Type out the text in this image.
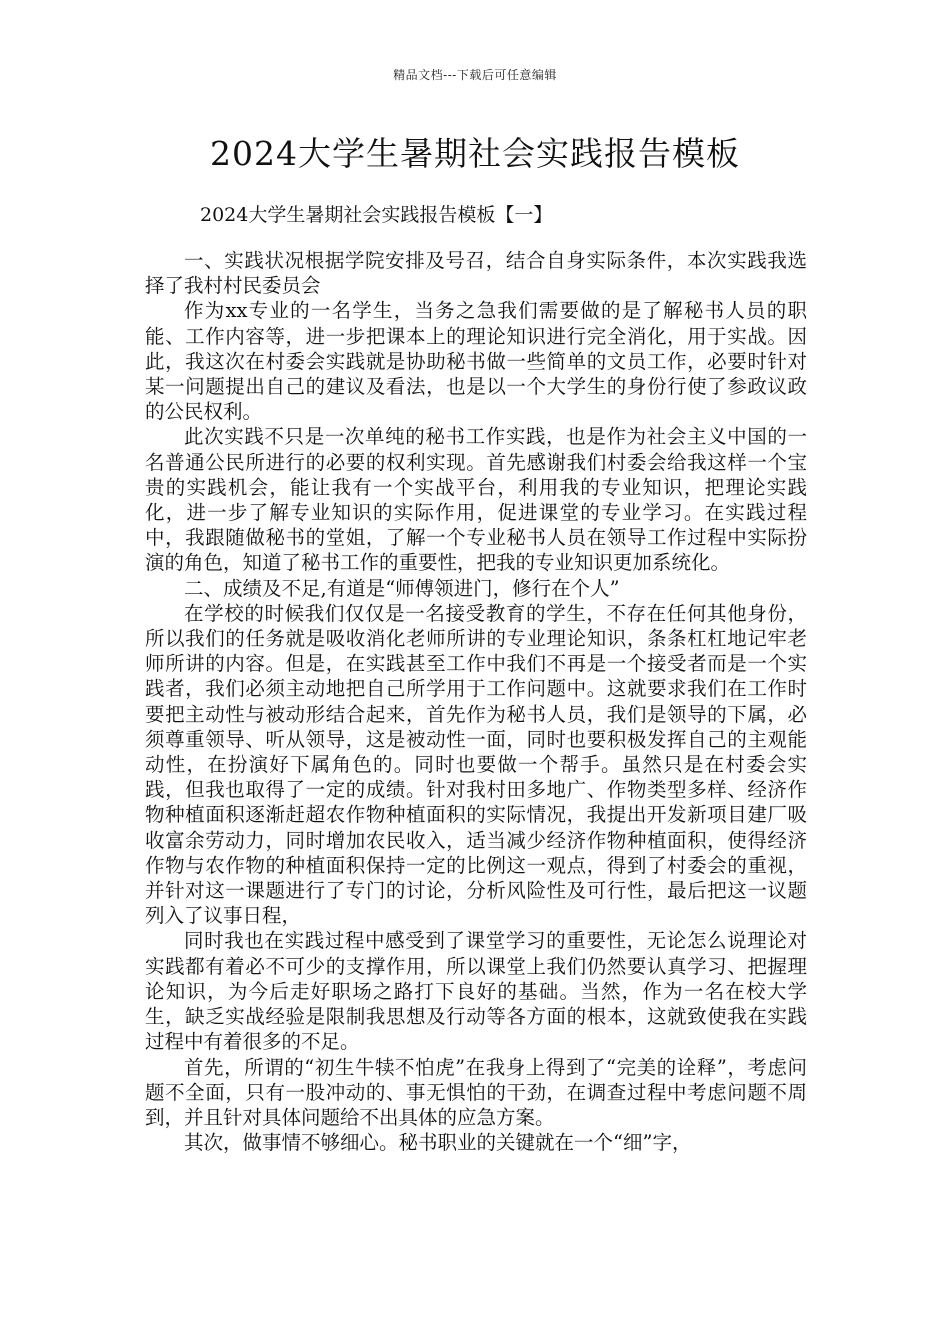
精品文档---下载后可任意编辑
2024大学生暑期社会实践报告模板

2024大学生暑期社会实践报告模板【一】

一、实践状况根据学院安排及号召，结合自身实际条件，本次实践我选择了我村村民委员会

作为xx专业的一名学生，当务之急我们需要做的是了解秘书人员的职能、工作内容等，进一步把课本上的理论知识进行完全消化，用于实战。因此，我这次在村委会实践就是协助秘书做一些简单的文员工作，必要时针对某一问题提出自己的建议及看法，也是以一个大学生的身份行使了参政议政的公民权利。

此次实践不只是一次单纯的秘书工作实践，也是作为社会主义中国的一名普通公民所进行的必要的权利实现。首先感谢我们村委会给我这样一个宝贵的实践机会，能让我有一个实战平台，利用我的专业知识，把理论实践化，进一步了解专业知识的实际作用，促进课堂的专业学习。在实践过程中，我跟随做秘书的堂姐，了解一个专业秘书人员在领导工作过程中实际扮演的角色，知道了秘书工作的重要性，把我的专业知识更加系统化。

二、成绩及不足,有道是“师傅领进门，修行在个人”

在学校的时候我们仅仅是一名接受教育的学生，不存在任何其他身份，所以我们的任务就是吸收消化老师所讲的专业理论知识，条条杠杠地记牢老师所讲的内容。但是，在实践甚至工作中我们不再是一个接受者而是一个实践者，我们必须主动地把自己所学用于工作问题中。这就要求我们在工作时要把主动性与被动形结合起来，首先作为秘书人员，我们是领导的下属，必须尊重领导、听从领导，这是被动性一面，同时也要积极发挥自己的主观能动性，在扮演好下属角色的。同时也要做一个帮手。虽然只是在村委会实践，但我也取得了一定的成绩。针对我村田多地广、作物类型多样、经济作物种植面积逐渐赶超农作物种植面积的实际情况，我提出开发新项目建厂吸收富余劳动力，同时增加农民收入，适当减少经济作物种植面积，使得经济作物与农作物的种植面积保持一定的比例这一观点，得到了村委会的重视，并针对这一课题进行了专门的讨论，分析风险性及可行性，最后把这一议题列入了议事日程，

同时我也在实践过程中感受到了课堂学习的重要性，无论怎么说理论对实践都有着必不可少的支撑作用，所以课堂上我们仍然要认真学习、把握理论知识，为今后走好职场之路打下良好的基础。当然，作为一名在校大学生，缺乏实战经验是限制我思想及行动等各方面的根本，这就致使我在实践过程中有着很多的不足。

首先，所谓的“初生牛犊不怕虎”在我身上得到了“完美的诠释”，考虑问题不全面，只有一股冲动的、事无惧怕的干劲，在调查过程中考虑问题不周到，并且针对具体问题给不出具体的应急方案。

其次，做事情不够细心。秘书职业的关键就在一个“细”字，
